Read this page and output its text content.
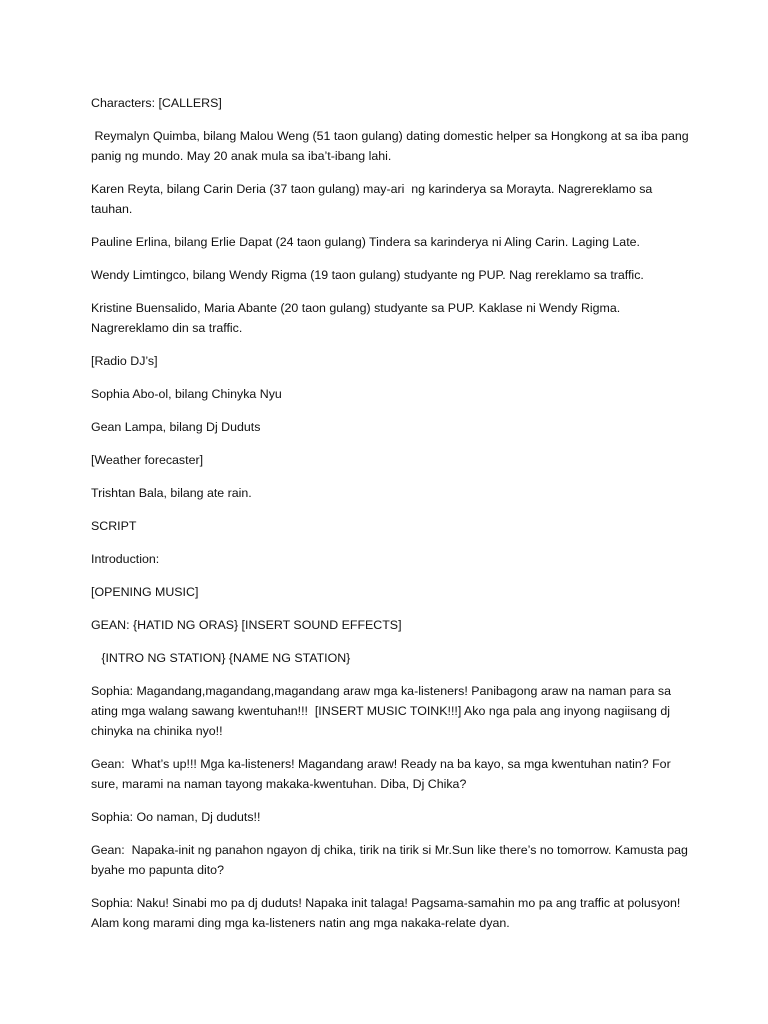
Characters: [CALLERS]

Reymalyn Quimba, bilang Malou Weng (51 taon gulang) dating domestic helper sa Hongkong at sa iba pang panig ng mundo. May 20 anak mula sa iba’t-ibang lahi.

Karen Reyta, bilang Carin Deria (37 taon gulang) may-ari  ng karinderya sa Morayta. Nagrereklamo sa tauhan.

Pauline Erlina, bilang Erlie Dapat (24 taon gulang) Tindera sa karinderya ni Aling Carin. Laging Late.

Wendy Limtingco, bilang Wendy Rigma (19 taon gulang) studyante ng PUP. Nag rereklamo sa traffic.

Kristine Buensalido, Maria Abante (20 taon gulang) studyante sa PUP. Kaklase ni Wendy Rigma. Nagrereklamo din sa traffic.

[Radio DJ’s]

Sophia Abo-ol, bilang Chinyka Nyu

Gean Lampa, bilang Dj Duduts

[Weather forecaster]

Trishtan Bala, bilang ate rain.

SCRIPT

Introduction:

[OPENING MUSIC]

GEAN: {HATID NG ORAS} [INSERT SOUND EFFECTS]

{INTRO NG STATION} {NAME NG STATION}

Sophia: Magandang,magandang,magandang araw mga ka-listeners! Panibagong araw na naman para sa ating mga walang sawang kwentuhan!!!  [INSERT MUSIC TOINK!!!] Ako nga pala ang inyong nagiisang dj chinyka na chinika nyo!!

Gean:  What’s up!!! Mga ka-listeners! Magandang araw! Ready na ba kayo, sa mga kwentuhan natin? For sure, marami na naman tayong makaka-kwentuhan. Diba, Dj Chika?

Sophia: Oo naman, Dj duduts!!

Gean:  Napaka-init ng panahon ngayon dj chika, tirik na tirik si Mr.Sun like there’s no tomorrow. Kamusta pag byahe mo papunta dito?

Sophia: Naku! Sinabi mo pa dj duduts! Napaka init talaga! Pagsama-samahin mo pa ang traffic at polusyon! Alam kong marami ding mga ka-listeners natin ang mga nakaka-relate dyan.
